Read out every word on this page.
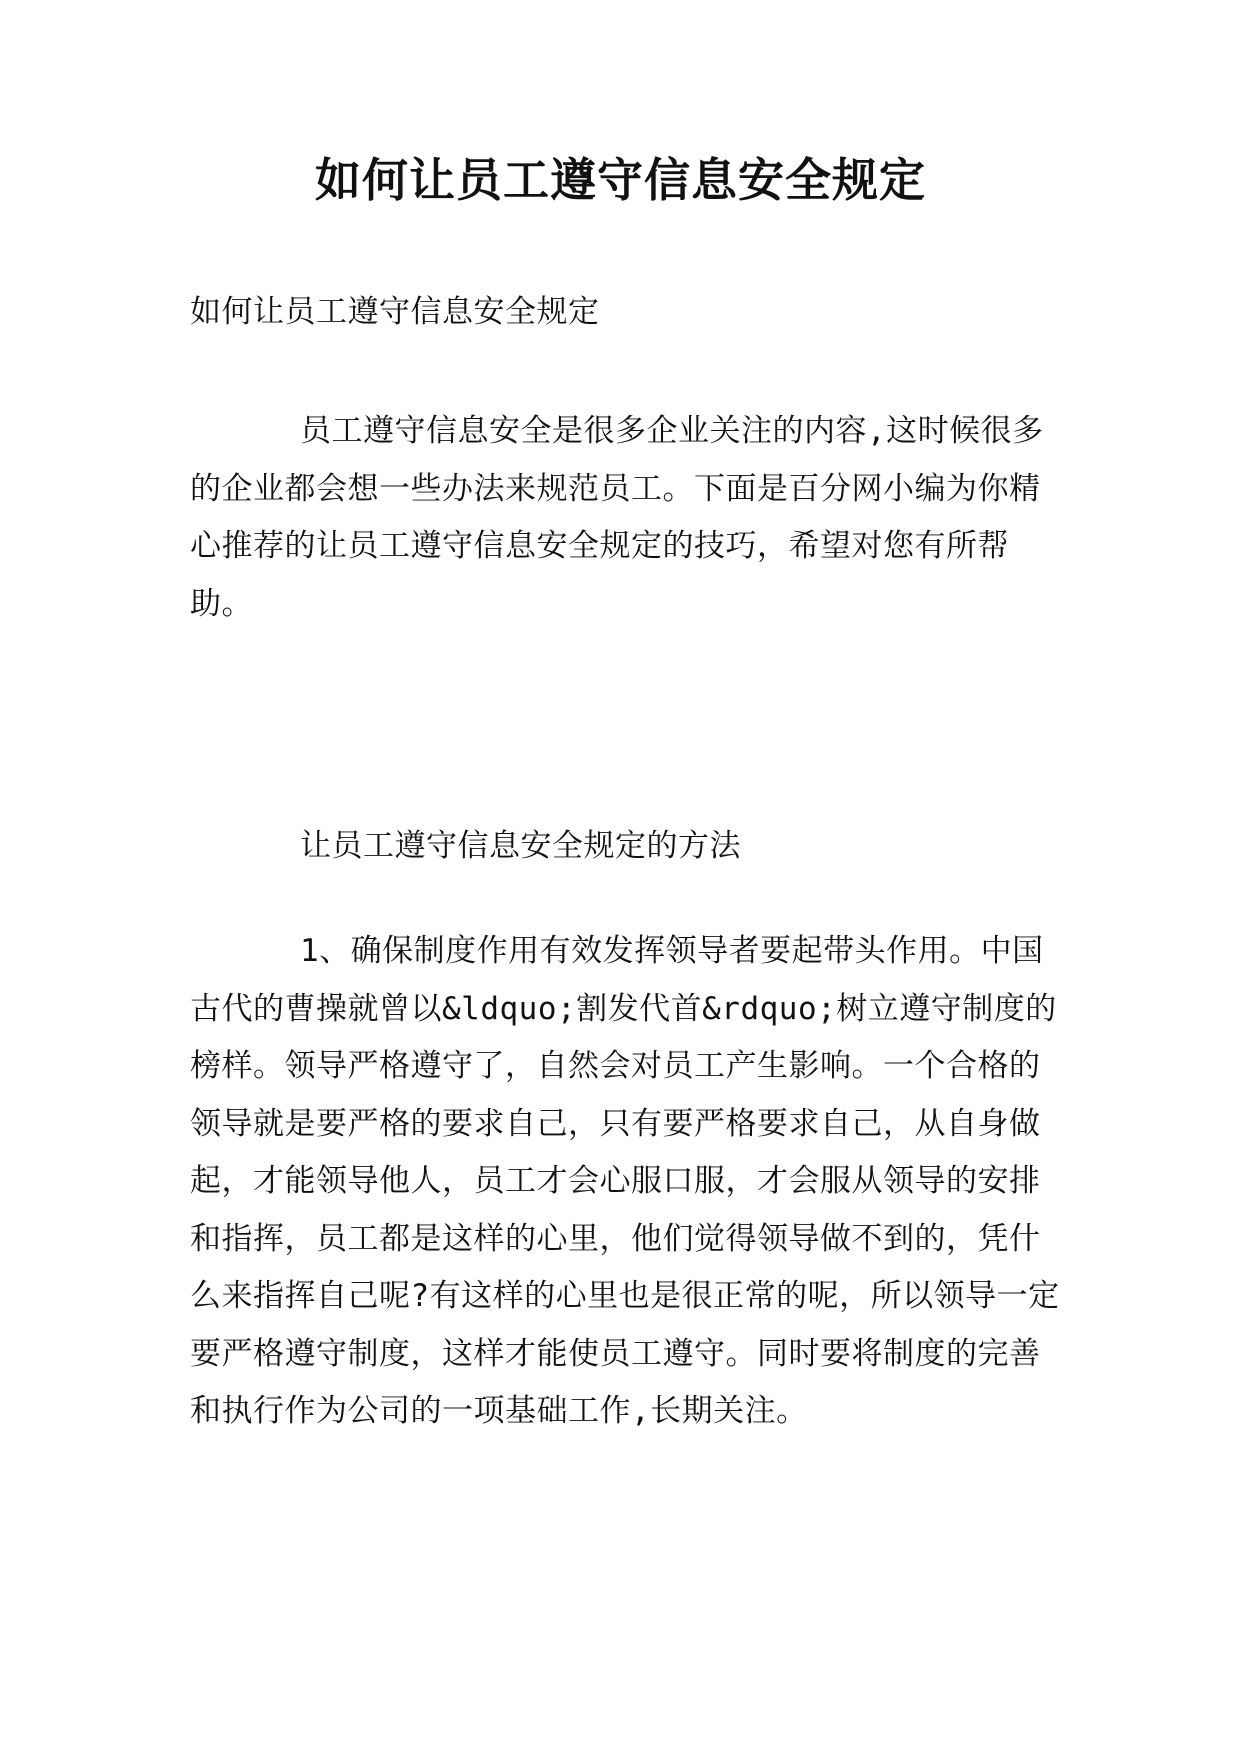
如何让员工遵守信息安全规定

如何让员工遵守信息安全规定

员工遵守信息安全是很多企业关注的内容,这时候很多的企业都会想一些办法来规范员工。下面是百分网小编为你精心推荐的让员工遵守信息安全规定的技巧，希望对您有所帮助。

让员工遵守信息安全规定的方法

1、确保制度作用有效发挥领导者要起带头作用。中国古代的曹操就曾以&ldquo;割发代首&rdquo;树立遵守制度的榜样。领导严格遵守了，自然会对员工产生影响。一个合格的领导就是要严格的要求自己，只有要严格要求自己，从自身做起，才能领导他人，员工才会心服口服，才会服从领导的安排和指挥，员工都是这样的心里，他们觉得领导做不到的，凭什么来指挥自己呢?有这样的心里也是很正常的呢，所以领导一定要严格遵守制度，这样才能使员工遵守。同时要将制度的完善和执行作为公司的一项基础工作,长期关注。
